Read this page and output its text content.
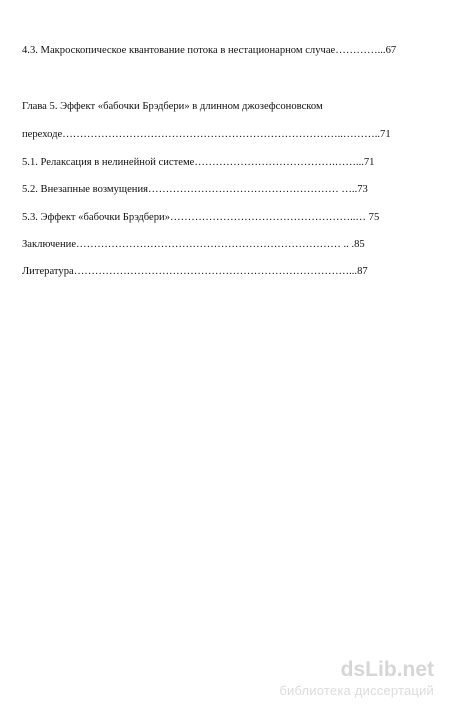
4.3. Макроскопическое квантование потока в нестационарном случае…………...67
Глава 5. Эффект «бабочки Брэдбери» в длинном джозефсоновском
переходе……………………………………………………………………..………..71
5.1. Релаксация в нелинейной системе………………………………….……...71
5.2. Внезапные возмущения……………………………………………… …..73
5.3. Эффект «бабочки Брэдбери»……………………………………………..… 75
Заключение………………………………………………………………… .. .85
Литература……………………………………………………………………...87
dsLib.net
библиотека диссертаций
